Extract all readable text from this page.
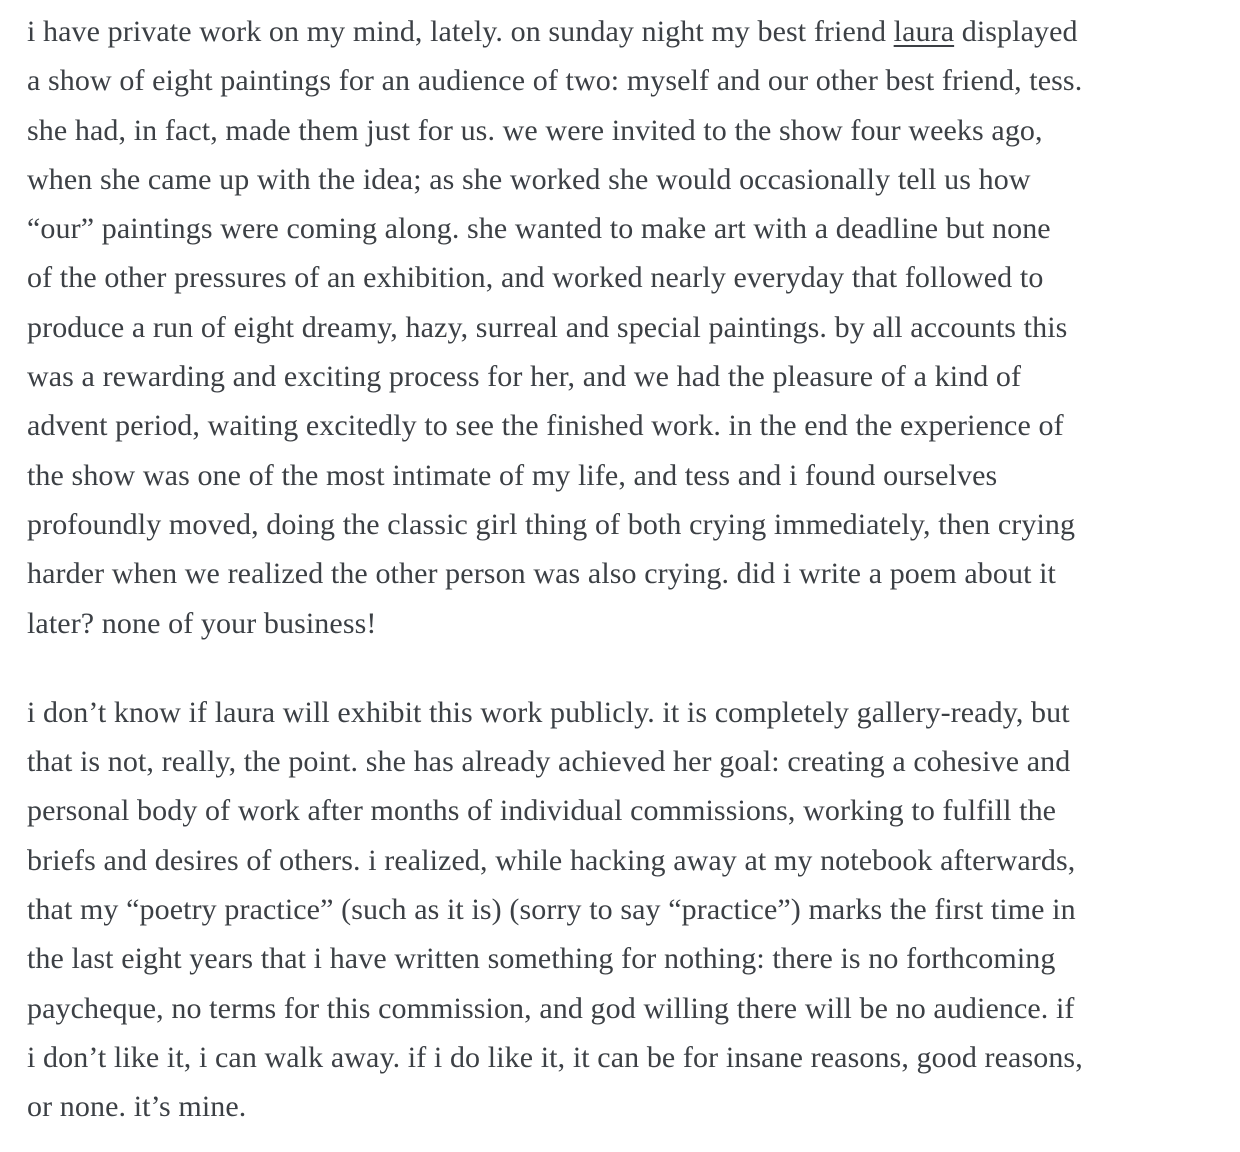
i have private work on my mind, lately. on sunday night my best friend laura displayed
a show of eight paintings for an audience of two: myself and our other best friend, tess.
she had, in fact, made them just for us. we were invited to the show four weeks ago,
when she came up with the idea; as she worked she would occasionally tell us how
“our” paintings were coming along. she wanted to make art with a deadline but none
of the other pressures of an exhibition, and worked nearly everyday that followed to
produce a run of eight dreamy, hazy, surreal and special paintings. by all accounts this
was a rewarding and exciting process for her, and we had the pleasure of a kind of
advent period, waiting excitedly to see the finished work. in the end the experience of
the show was one of the most intimate of my life, and tess and i found ourselves
profoundly moved, doing the classic girl thing of both crying immediately, then crying
harder when we realized the other person was also crying. did i write a poem about it
later? none of your business!

i don’t know if laura will exhibit this work publicly. it is completely gallery-ready, but
that is not, really, the point. she has already achieved her goal: creating a cohesive and
personal body of work after months of individual commissions, working to fulfill the
briefs and desires of others. i realized, while hacking away at my notebook afterwards,
that my “poetry practice” (such as it is) (sorry to say “practice”) marks the first time in
the last eight years that i have written something for nothing: there is no forthcoming
paycheque, no terms for this commission, and god willing there will be no audience. if
i don’t like it, i can walk away. if i do like it, it can be for insane reasons, good reasons,
or none. it’s mine.
